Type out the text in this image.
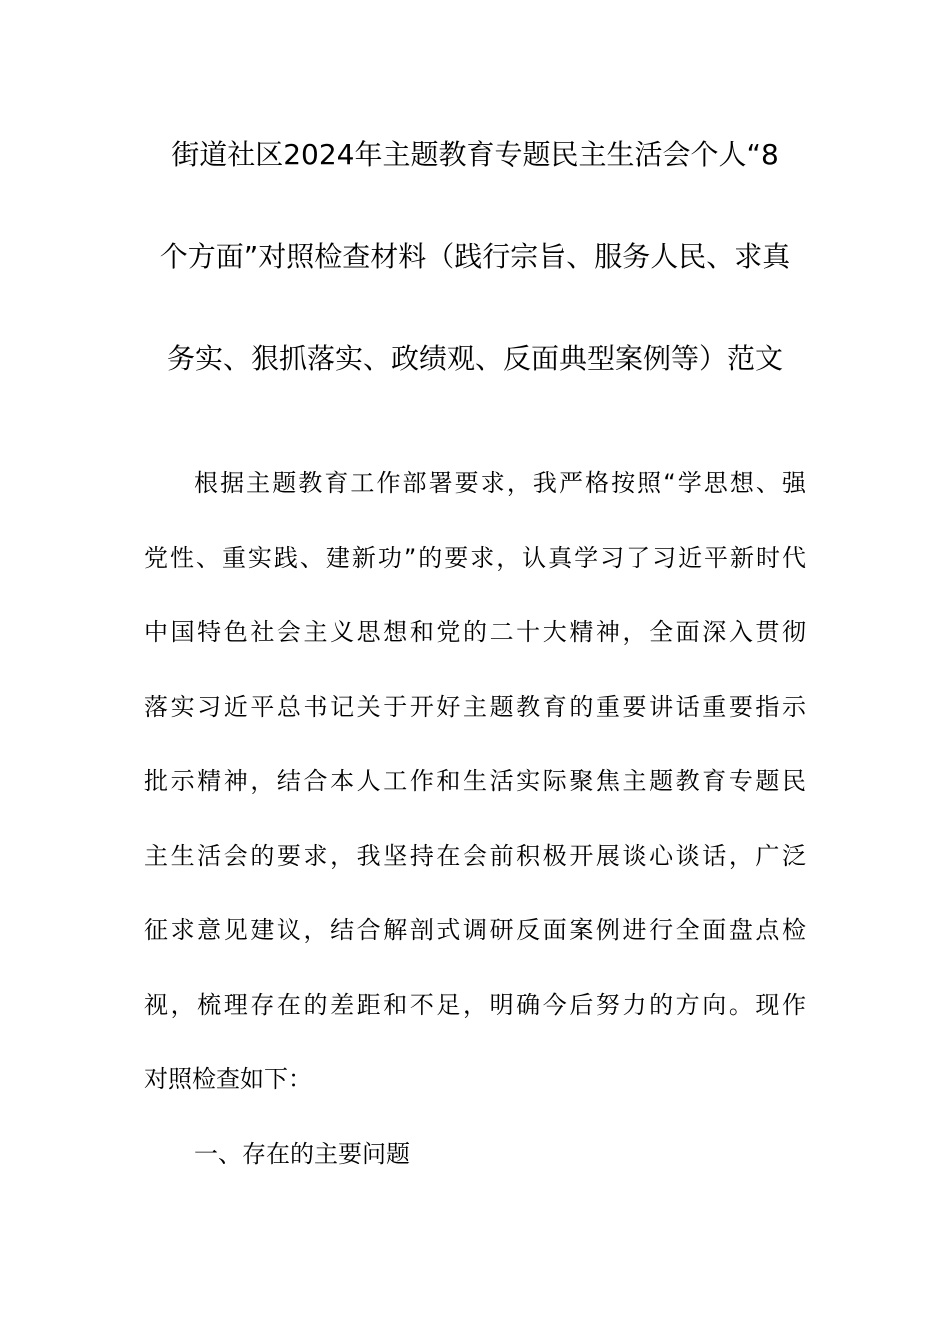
街道社区2024年主题教育专题民主生活会个人“8
个方面”对照检查材料（践行宗旨、服务人民、求真
务实、狠抓落实、政绩观、反面典型案例等）范文

根据主题教育工作部署要求，我严格按照“学思想、强
党性、重实践、建新功”的要求，认真学习了习近平新时代
中国特色社会主义思想和党的二十大精神，全面深入贯彻
落实习近平总书记关于开好主题教育的重要讲话重要指示
批示精神，结合本人工作和生活实际聚焦主题教育专题民
主生活会的要求，我坚持在会前积极开展谈心谈话，广泛
征求意见建议，结合解剖式调研反面案例进行全面盘点检
视，梳理存在的差距和不足，明确今后努力的方向。现作
对照检查如下：

一、存在的主要问题
